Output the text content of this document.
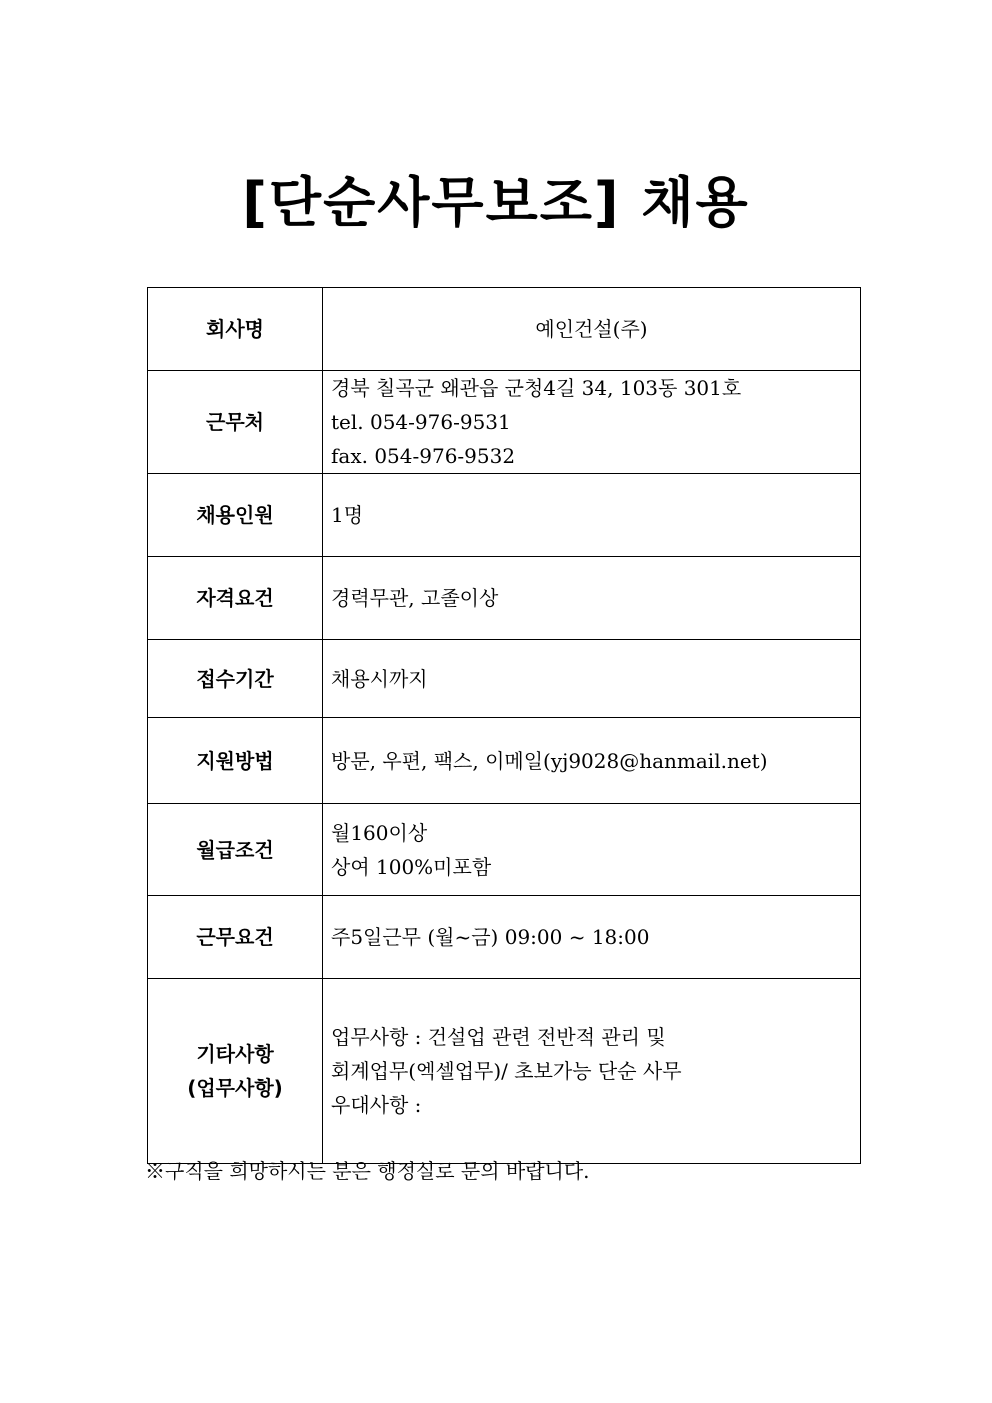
[단순사무보조] 채용
회사명	예인건설(주)

근무처	경북 칠곡군 왜관읍 군청4길 34, 103동 301호
tel. 054-976-9531
fax. 054-976-9532

채용인원	1명

자격요건	경력무관, 고졸이상

접수기간	채용시까지

지원방법	방문, 우편, 팩스, 이메일(yj9028@hanmail.net)

월급조건	월160이상
상여 100%미포함

근무요건	주5일근무 (월~금) 09:00 ~ 18:00

기타사항
(업무사항)	업무사항 : 건설업 관련 전반적 관리 및
회계업무(엑셀업무)/ 초보가능 단순 사무
우대사항 :
※구직을 희망하시는 분은 행정실로 문의 바랍니다.
